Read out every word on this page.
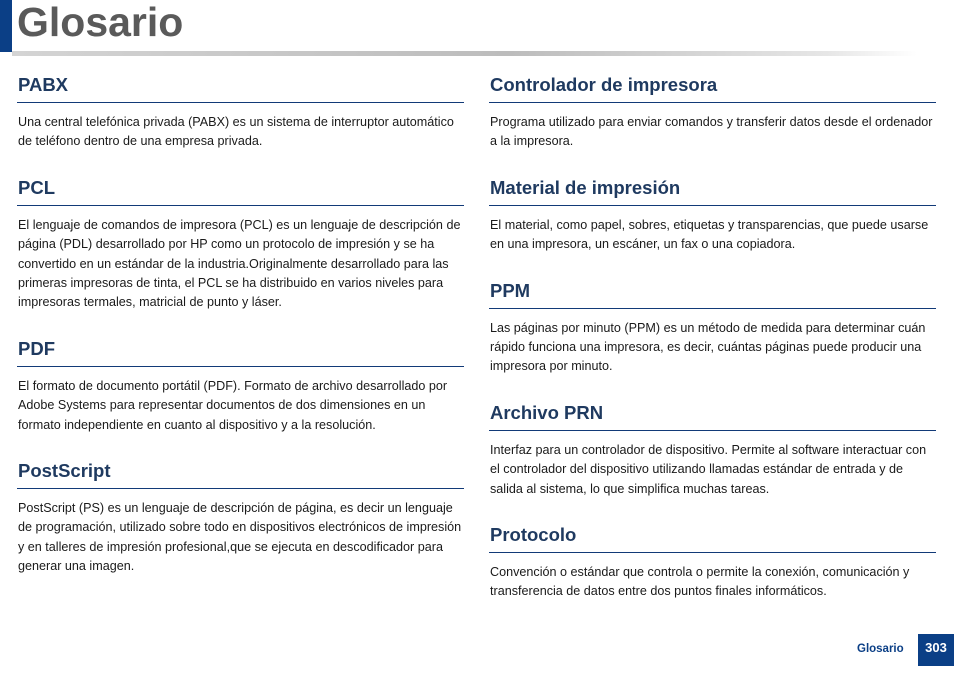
Glosario
PABX

Una central telefónica privada (PABX) es un sistema de interruptor automático de teléfono dentro de una empresa privada.

PCL

El lenguaje de comandos de impresora (PCL) es un lenguaje de descripción de página (PDL) desarrollado por HP como un protocolo de impresión y se ha convertido en un estándar de la industria.Originalmente desarrollado para las primeras impresoras de tinta, el PCL se ha distribuido en varios niveles para impresoras termales, matricial de punto y láser.

PDF

El formato de documento portátil (PDF). Formato de archivo desarrollado por Adobe Systems para representar documentos de dos dimensiones en un formato independiente en cuanto al dispositivo y a la resolución.

PostScript

PostScript (PS) es un lenguaje de descripción de página, es decir un lenguaje de programación, utilizado sobre todo en dispositivos electrónicos de impresión y en talleres de impresión profesional,que se ejecuta en descodificador para generar una imagen.

Controlador de impresora

Programa utilizado para enviar comandos y transferir datos desde el ordenador a la impresora.

Material de impresión

El material, como papel, sobres, etiquetas y transparencias, que puede usarse en una impresora, un escáner, un fax o una copiadora.

PPM

Las páginas por minuto (PPM) es un método de medida para determinar cuán rápido funciona una impresora, es decir, cuántas páginas puede producir una impresora por minuto.

Archivo PRN

Interfaz para un controlador de dispositivo. Permite al software interactuar con el controlador del dispositivo utilizando llamadas estándar de entrada y de salida al sistema, lo que simplifica muchas tareas.

Protocolo

Convención o estándar que controla o permite la conexión, comunicación y transferencia de datos entre dos puntos finales informáticos.

Glosario	303
